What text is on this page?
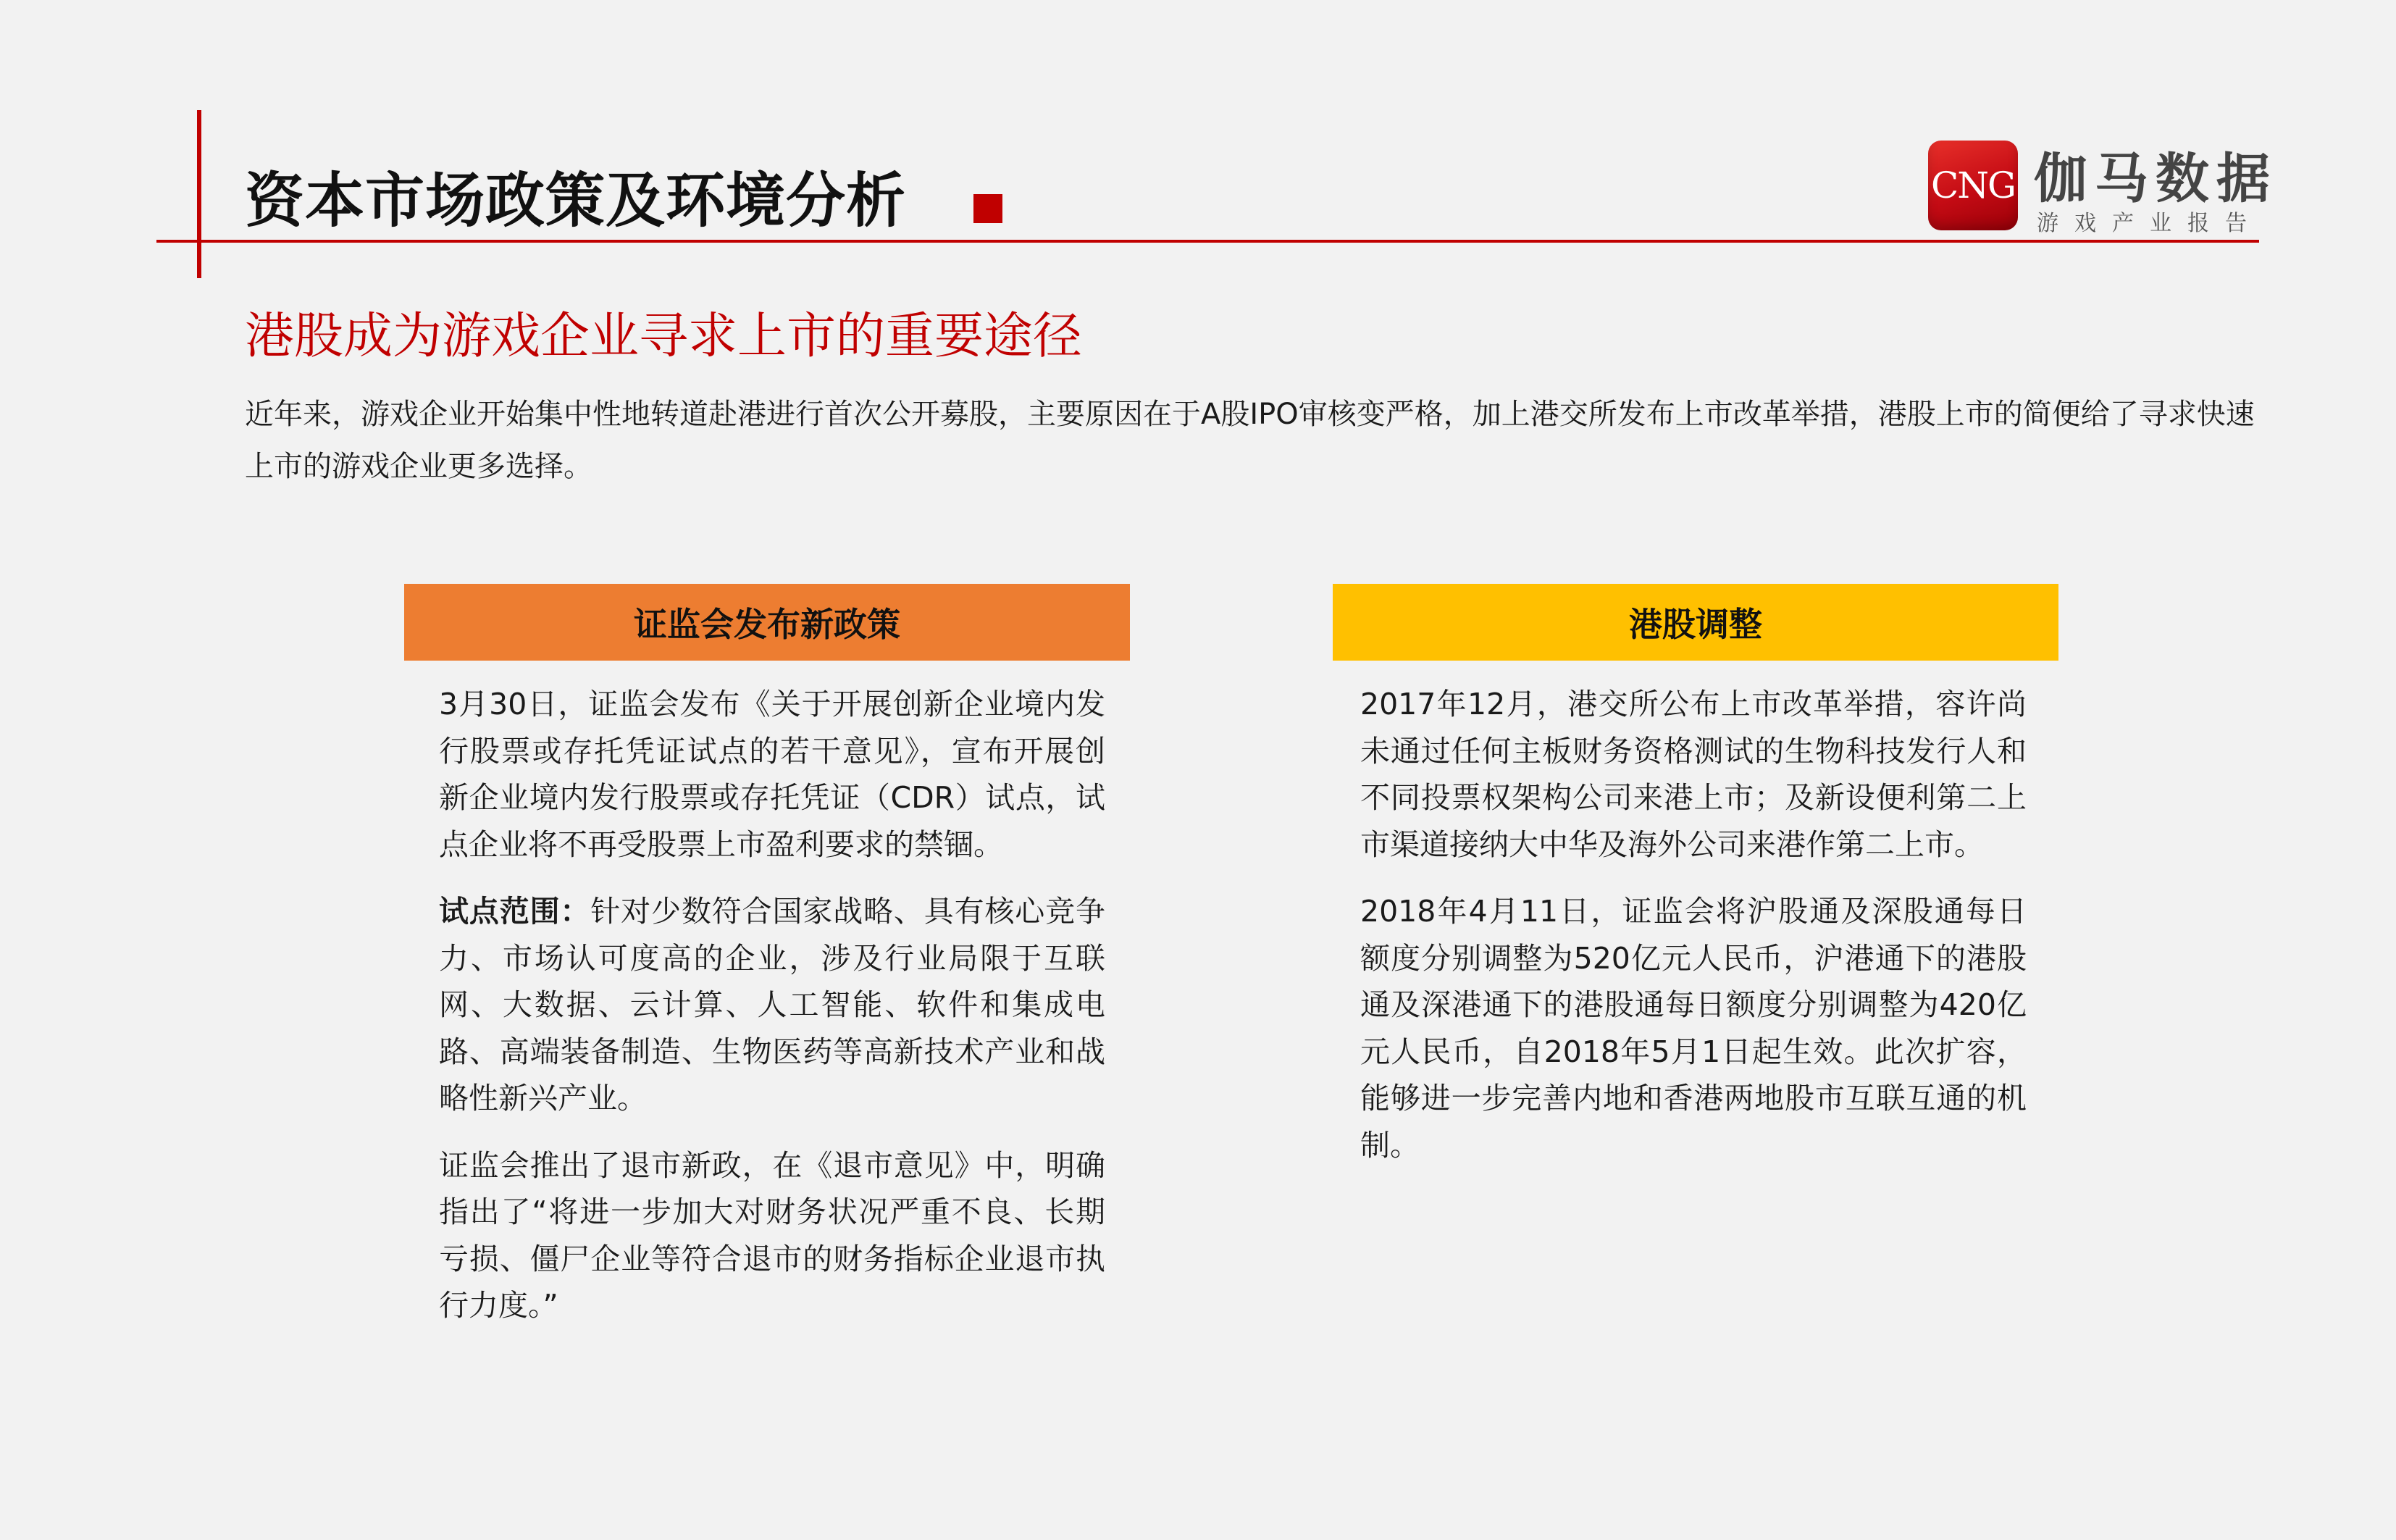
资本市场政策及环境分析	CNG 伽马数据
游戏产业报告
港股成为游戏企业寻求上市的重要途径
近年来，游戏企业开始集中性地转道赴港进行首次公开募股，主要原因在于A股IPO审核变严格，加上港交所发布上市改革举措，港股上市的简便给了寻求快速上市的游戏企业更多选择。
证监会发布新政策

3月30日，证监会发布《关于开展创新企业境内发行股票或存托凭证试点的若干意见》，宣布开展创新企业境内发行股票或存托凭证（CDR）试点，试点企业将不再受股票上市盈利要求的禁锢。

试点范围：针对少数符合国家战略、具有核心竞争力、市场认可度高的企业，涉及行业局限于互联网、大数据、云计算、人工智能、软件和集成电路、高端装备制造、生物医药等高新技术产业和战略性新兴产业。

证监会推出了退市新政，在《退市意见》中，明确指出了“将进一步加大对财务状况严重不良、长期亏损、僵尸企业等符合退市的财务指标企业退市执行力度。”

港股调整

2017年12月，港交所公布上市改革举措，容许尚未通过任何主板财务资格测试的生物科技发行人和不同投票权架构公司来港上市；及新设便利第二上市渠道接纳大中华及海外公司来港作第二上市。

2018年4月11日，证监会将沪股通及深股通每日额度分别调整为520亿元人民币，沪港通下的港股通及深港通下的港股通每日额度分别调整为420亿元人民币，自2018年5月1日起生效。此次扩容，能够进一步完善内地和香港两地股市互联互通的机制。
